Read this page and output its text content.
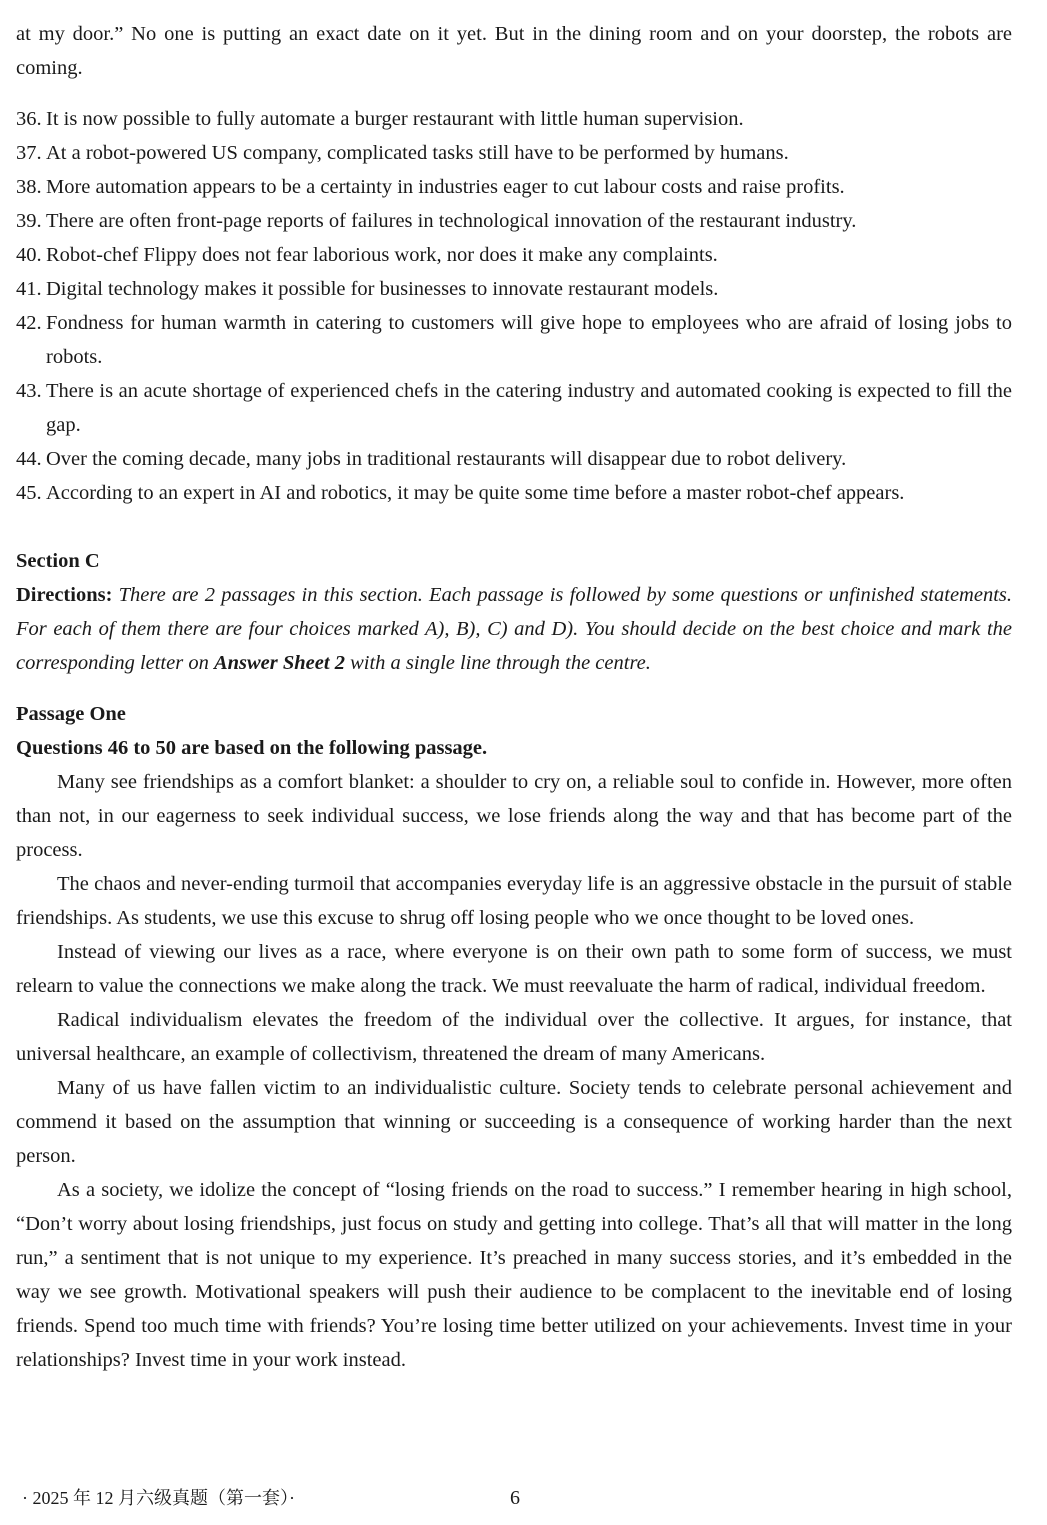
at my door.” No one is putting an exact date on it yet. But in the dining room and on your doorstep, the robots are coming.

36. It is now possible to fully automate a burger restaurant with little human supervision.

37. At a robot-powered US company, complicated tasks still have to be performed by humans.

38. More automation appears to be a certainty in industries eager to cut labour costs and raise profits.

39. There are often front-page reports of failures in technological innovation of the restaurant industry.

40. Robot-chef Flippy does not fear laborious work, nor does it make any complaints.

41. Digital technology makes it possible for businesses to innovate restaurant models.

42. Fondness for human warmth in catering to customers will give hope to employees who are afraid of losing jobs to robots.

43. There is an acute shortage of experienced chefs in the catering industry and automated cooking is expected to fill the gap.

44. Over the coming decade, many jobs in traditional restaurants will disappear due to robot delivery.

45. According to an expert in AI and robotics, it may be quite some time before a master robot-chef appears.

Section C

Directions: There are 2 passages in this section. Each passage is followed by some questions or unfinished statements. For each of them there are four choices marked A), B), C) and D). You should decide on the best choice and mark the corresponding letter on Answer Sheet 2 with a single line through the centre.

Passage One

Questions 46 to 50 are based on the following passage.

Many see friendships as a comfort blanket: a shoulder to cry on, a reliable soul to confide in. However, more often than not, in our eagerness to seek individual success, we lose friends along the way and that has become part of the process.

The chaos and never-ending turmoil that accompanies everyday life is an aggressive obstacle in the pursuit of stable friendships. As students, we use this excuse to shrug off losing people who we once thought to be loved ones.

Instead of viewing our lives as a race, where everyone is on their own path to some form of success, we must relearn to value the connections we make along the track. We must reevaluate the harm of radical, individual freedom.

Radical individualism elevates the freedom of the individual over the collective. It argues, for instance, that universal healthcare, an example of collectivism, threatened the dream of many Americans.

Many of us have fallen victim to an individualistic culture. Society tends to celebrate personal achievement and commend it based on the assumption that winning or succeeding is a consequence of working harder than the next person.

As a society, we idolize the concept of “losing friends on the road to success.” I remember hearing in high school, “Don’t worry about losing friendships, just focus on study and getting into college. That’s all that will matter in the long run,” a sentiment that is not unique to my experience. It’s preached in many success stories, and it’s embedded in the way we see growth. Motivational speakers will push their audience to be complacent to the inevitable end of losing friends. Spend too much time with friends? You’re losing time better utilized on your achievements. Invest time in your relationships? Invest time in your work instead.

· 2025 年 12 月六级真题（第一套）·	6
